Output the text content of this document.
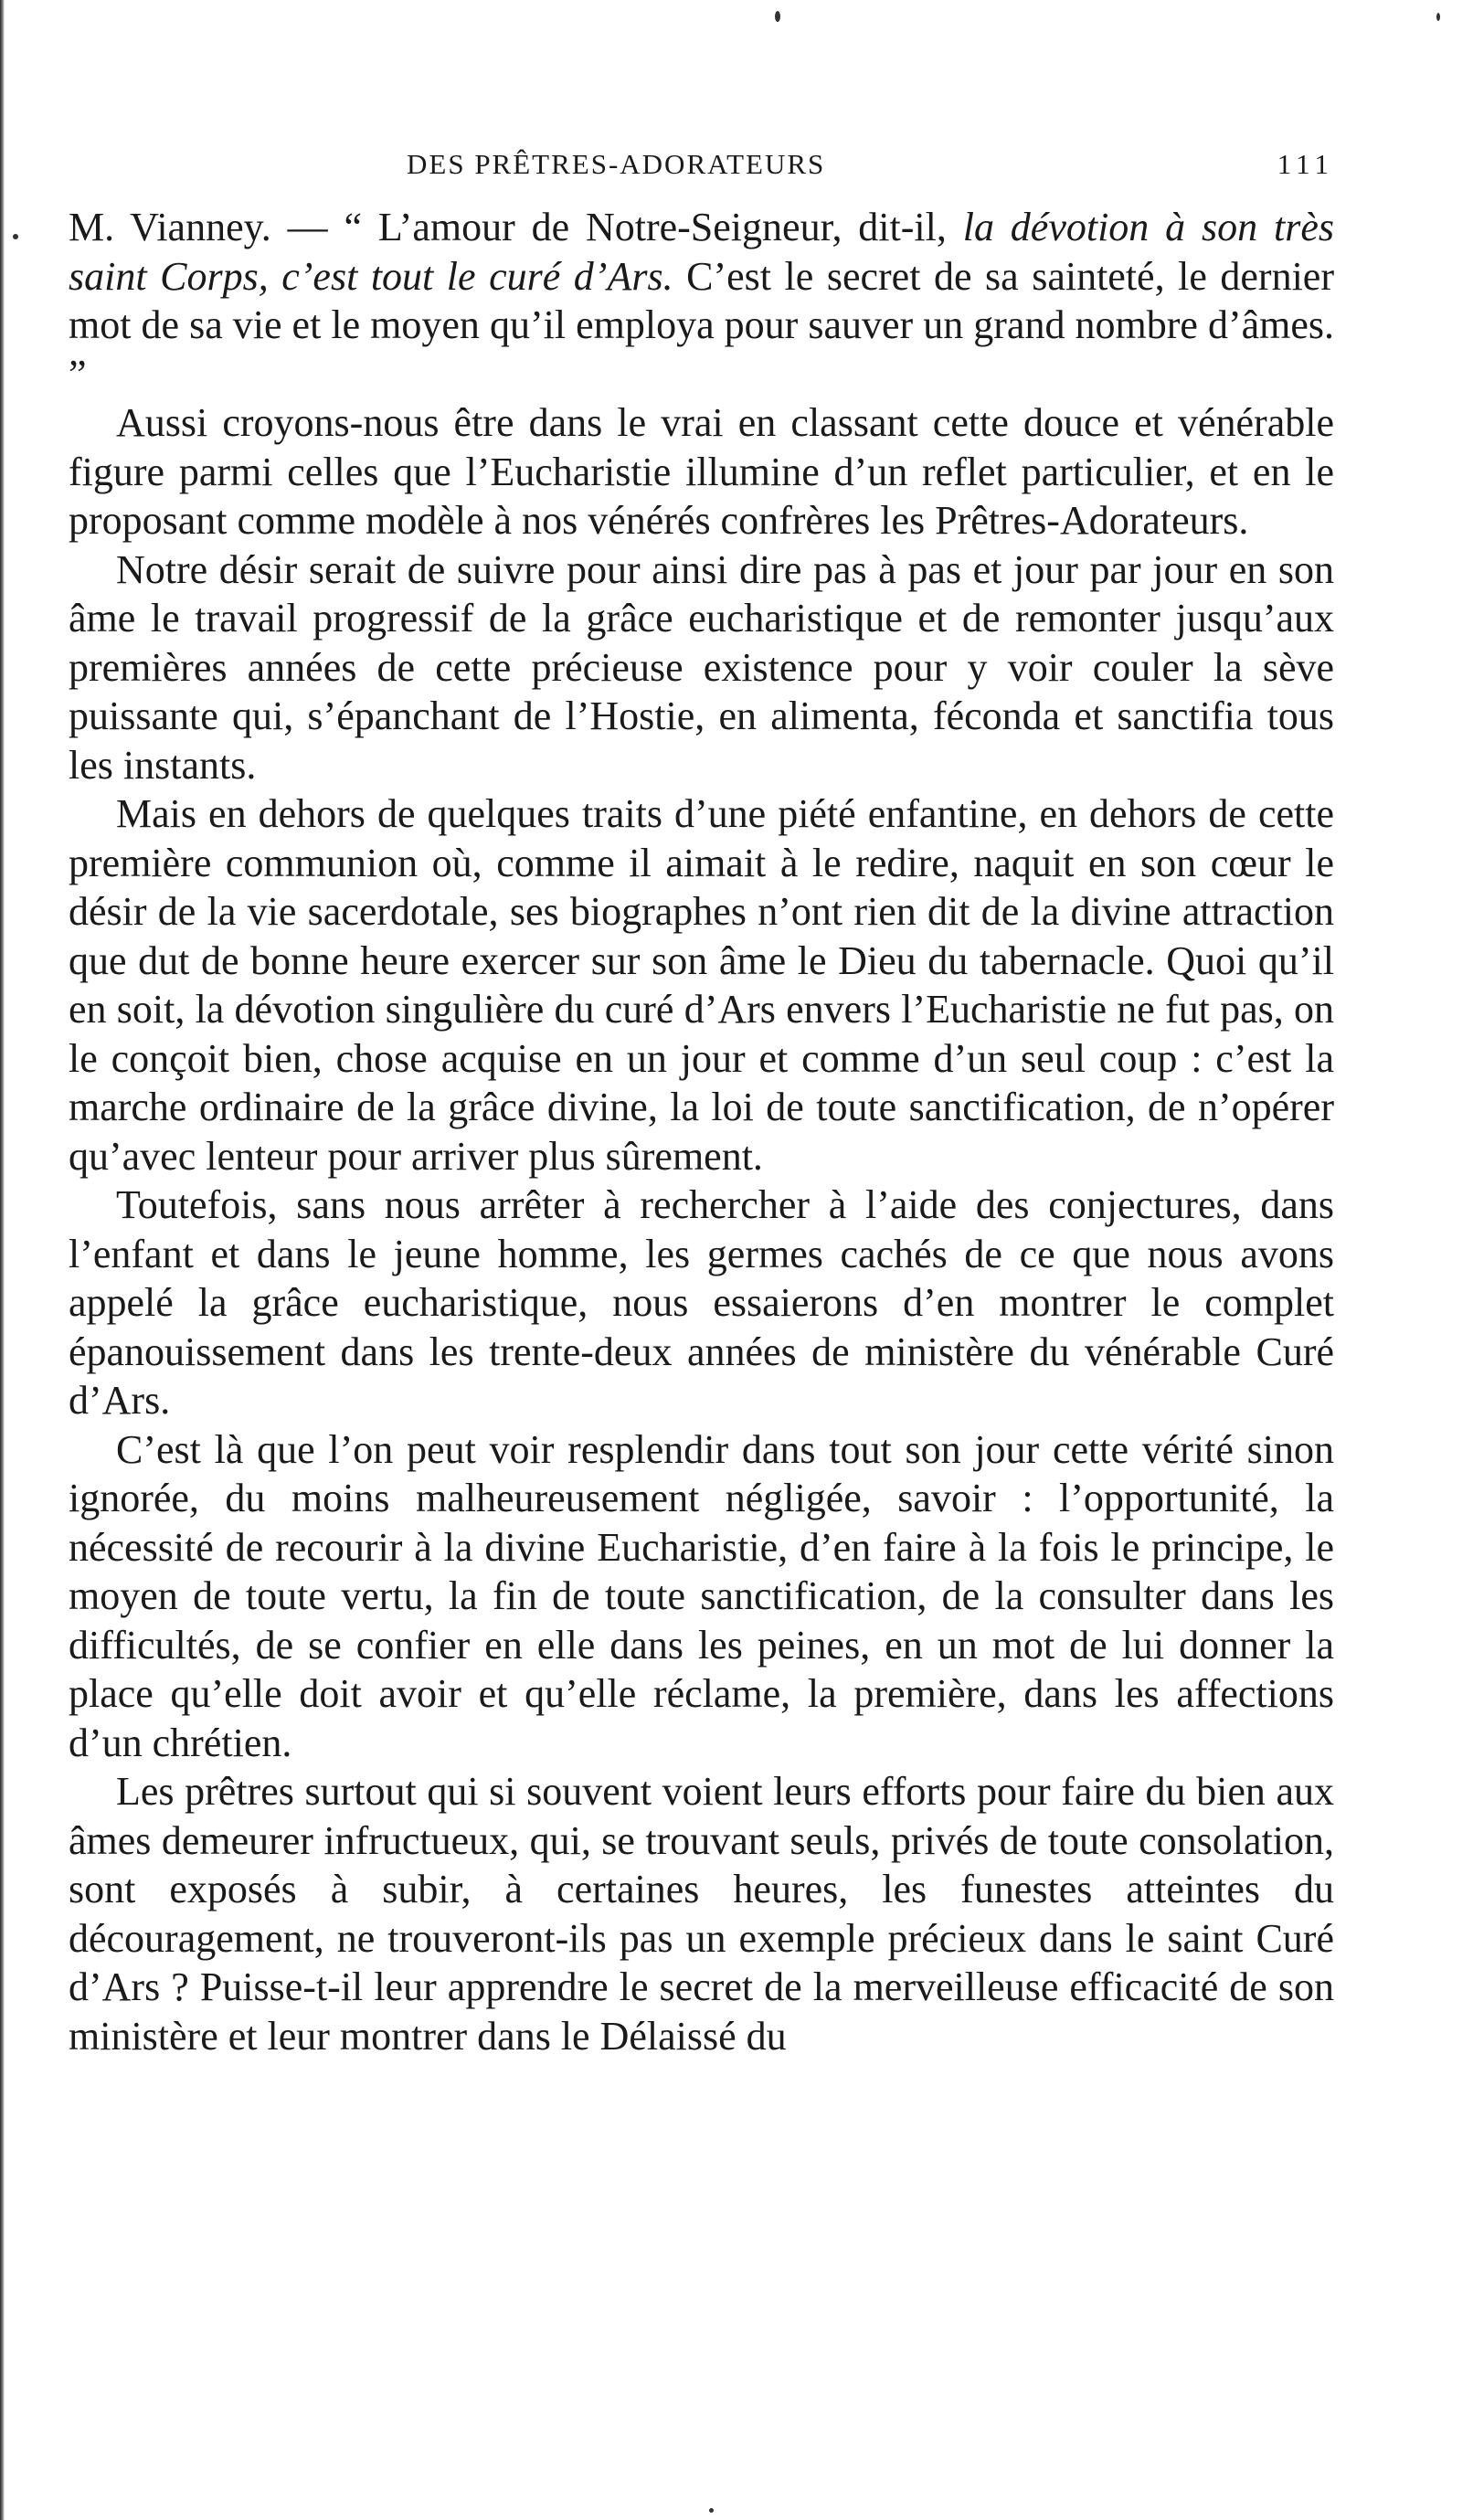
DES PRÊTRES-ADORATEURS	111

M. Vianney. — “ L’amour de Notre-Seigneur, dit-il, la dévotion à son très saint Corps, c’est tout le curé d’Ars. C’est le secret de sa sainteté, le dernier mot de sa vie et le moyen qu’il employa pour sauver un grand nombre d’âmes. ”

Aussi croyons-nous être dans le vrai en classant cette douce et vénérable figure parmi celles que l’Eucharistie illumine d’un reflet particulier, et en le proposant comme modèle à nos vénérés confrères les Prêtres-Adorateurs.

Notre désir serait de suivre pour ainsi dire pas à pas et jour par jour en son âme le travail progressif de la grâce eucharistique et de remonter jusqu’aux premières années de cette précieuse existence pour y voir couler la sève puissante qui, s’épanchant de l’Hostie, en alimenta, féconda et sanctifia tous les instants.

Mais en dehors de quelques traits d’une piété enfantine, en dehors de cette première communion où, comme il aimait à le redire, naquit en son cœur le désir de la vie sacerdotale, ses biographes n’ont rien dit de la divine attraction que dut de bonne heure exercer sur son âme le Dieu du tabernacle. Quoi qu’il en soit, la dévotion singulière du curé d’Ars envers l’Eucharistie ne fut pas, on le conçoit bien, chose acquise en un jour et comme d’un seul coup : c’est la marche ordinaire de la grâce divine, la loi de toute sanctification, de n’opérer qu’avec lenteur pour arriver plus sûrement.

Toutefois, sans nous arrêter à rechercher à l’aide des conjectures, dans l’enfant et dans le jeune homme, les germes cachés de ce que nous avons appelé la grâce eucharistique, nous essaierons d’en montrer le complet épanouissement dans les trente-deux années de ministère du vénérable Curé d’Ars.

C’est là que l’on peut voir resplendir dans tout son jour cette vérité sinon ignorée, du moins malheureusement négligée, savoir : l’opportunité, la nécessité de recourir à la divine Eucharistie, d’en faire à la fois le principe, le moyen de toute vertu, la fin de toute sanctification, de la consulter dans les difficultés, de se confier en elle dans les peines, en un mot de lui donner la place qu’elle doit avoir et qu’elle réclame, la première, dans les affections d’un chrétien.

Les prêtres surtout qui si souvent voient leurs efforts pour faire du bien aux âmes demeurer infructueux, qui, se trouvant seuls, privés de toute consolation, sont exposés à subir, à certaines heures, les funestes atteintes du découragement, ne trouveront-ils pas un exemple précieux dans le saint Curé d’Ars ? Puisse-t-il leur apprendre le secret de la merveilleuse efficacité de son ministère et leur montrer dans le Délaissé du
